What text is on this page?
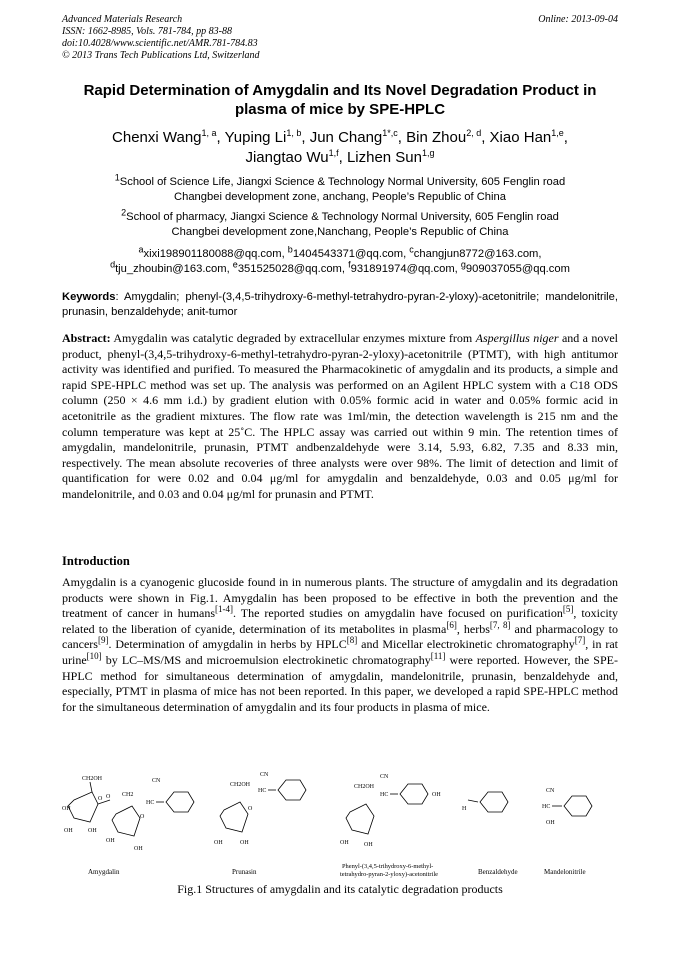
Advanced Materials Research
ISSN: 1662-8985, Vols. 781-784, pp 83-88
doi:10.4028/www.scientific.net/AMR.781-784.83
© 2013 Trans Tech Publications Ltd, Switzerland
Online: 2013-09-04
Rapid Determination of Amygdalin and Its Novel Degradation Product in plasma of mice by SPE-HPLC
Chenxi Wang$^{1, a}$, Yuping Li$^{1, b}$, Jun Chang$^{1*,c}$, Bin Zhou$^{2, d}$, Xiao Han$^{1,e}$,
Jiangtao Wu$^{1,f}$, Lizhen Sun$^{1,g}$
$^1$School of Science Life, Jiangxi Science & Technology Normal University, 605 Fenglin road
Changbei development zone, anchang, People’s Republic of China
$^2$School of pharmacy, Jiangxi Science & Technology Normal University, 605 Fenglin road
Changbei development zone,Nanchang, People’s Republic of China
$^a$xixi198901180088@qq.com, $^b$1404543371@qq.com, $^c$changjun8772@163.com,
$^d$tju_zhoubin@163.com, $^e$351525028@qq.com, $^f$931891974@qq.com, $^g$909037055@qq.com
Keywords: Amygdalin; phenyl-(3,4,5-trihydroxy-6-methyl-tetrahydro-pyran-2-yloxy)-acetonitrile; mandelonitrile, prunasin, benzaldehyde; anit-tumor
Abstract: Amygdalin was catalytic degraded by extracellular enzymes mixture from Aspergillus niger and a novel product, phenyl-(3,4,5-trihydroxy-6-methyl-tetrahydro-pyran-2-yloxy)-acetonitrile (PTMT), with high antitumor activity was identified and purified. To measured the Pharmacokinetic of amygdalin and its products, a simple and rapid SPE-HPLC method was set up. The analysis was performed on an Agilent HPLC system with a C18 ODS column (250 × 4.6 mm i.d.) by gradient elution with 0.05% formic acid in water and 0.05% formic acid in acetonitrile as the gradient mixtures. The flow rate was 1ml/min, the detection wavelength is 215 nm and the column temperature was kept at 25˚C. The HPLC assay was carried out within 9 min. The retention times of amygdalin, mandelonitrile, prunasin, PTMT andbenzaldehyde were 3.14, 5.93, 6.82, 7.35 and 8.33 min, respectively. The mean absolute recoveries of three analysts were over 98%. The limit of detection and limit of quantification for were 0.02 and 0.04 μg/ml for amygdalin and benzaldehyde, 0.03 and 0.05 μg/ml for mandelonitrile, and 0.03 and 0.04 μg/ml for prunasin and PTMT.
Introduction
Amygdalin is a cyanogenic glucoside found in in numerous plants. The structure of amygdalin and its degradation products were shown in Fig.1. Amygdalin has been proposed to be effective in both the prevention and the treatment of cancer in humans[1-4]. The reported studies on amygdalin have focused on purification[5], toxicity related to the liberation of cyanide, determination of its metabolites in plasma[6], herbs[7, 8] and pharmacology to cancers[9]. Determination of amygdalin in herbs by HPLC[8] and Micellar electrokinetic chromatography[7], in rat urine[10] by LC–MS/MS and microemulsion electrokinetic chromatography[11] were reported. However, the SPE-HPLC method for simultaneous determination of amygdalin, mandelonitrile, prunasin, benzaldehyde and, especially, PTMT in plasma of mice has not been reported. In this paper, we developed a rapid SPE-HPLC method for the simultaneous determination of amygdalin and its four products in plasma of mice.
CH2OH
O
OH
OH	OH
O CH2
O
OH
OH
HC
CN
Amygdalin
CH2OH
O
OH	OH
HC
CN
Prunasin
CH2OH
OH	OH
HC	OH
CN
Phenyl-(3,4,5-trihydroxy-6-methyl-
tetrahydro-pyran-2-yloxy)-acetonitrile
H
Benzaldehyde
CN
HC
OH
Mandelonitrile
Fig.1 Structures of amygdalin and its catalytic degradation products
